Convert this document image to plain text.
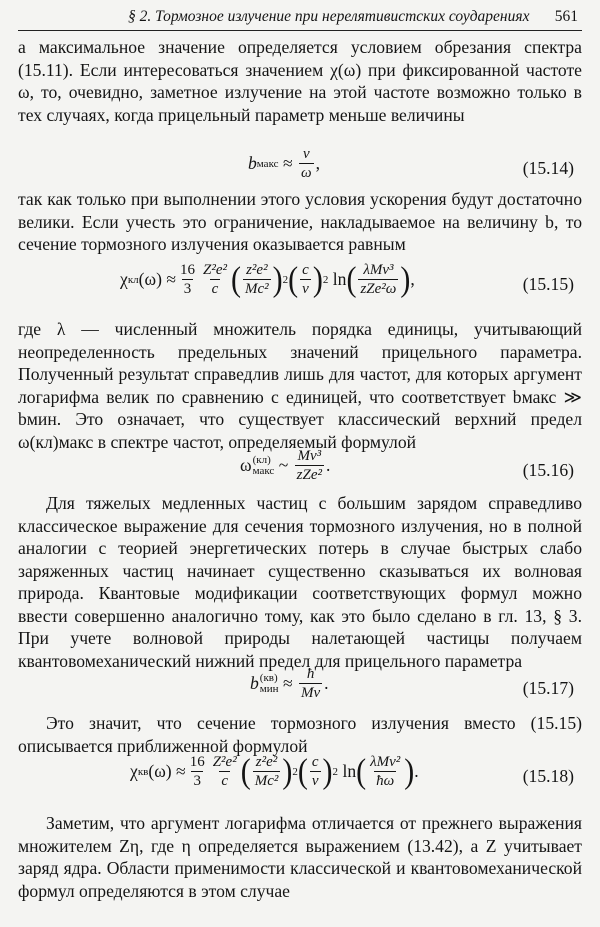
§ 2. Тормозное излучение при нерелятивистских соударениях 561
а максимальное значение определяется условием обрезания спектра (15.11). Если интересоваться значением χ(ω) при фиксированной частоте ω, то, очевидно, заметное излучение на этой частоте возможно только в тех случаях, когда прицельный параметр меньше величины
b макс
≈
$\frac{v}{\omega}$ ,	(15.14)
так как только при выполнении этого условия ускорения будут достаточно велики. Если учесть это ограничение, накладываемое на величину b, то сечение тормозного излучения оказывается равным
χ кл $(\omega) \approx \frac{16}{3} \frac{\text{Z²e²}}{c}$ ( $\frac{\text{z²e²}}{\text{Mc²}}$ ) 2 ( $\frac{c}{v}$ ) 2
ln ( $\frac{\text{λMv³}}{\text{zZe²ω}}$ ) ,	(15.15)
где λ — численный множитель порядка единицы, учитывающий неопределенность предельных значений прицельного параметра. Полученный результат справедлив лишь для частот, для которых аргумент логарифма велик по сравнению с единицей, что соответствует bмакс ≫ bмин. Это означает, что существует классический верхний предел ω(кл)макс в спектре частот, определяемый формулой
ω (кл)
макс
~
$\frac{\text{Mv³}}{\text{zZe²}}$ .	(15.16)
Для тяжелых медленных частиц с большим зарядом справедливо классическое выражение для сечения тормозного излучения, но в полной аналогии с теорией энергетических потерь в случае быстрых слабо заряженных частиц начинает существенно сказываться их волновая природа. Квантовые модификации соответствующих формул можно ввести совершенно аналогично тому, как это было сделано в гл. 13, § 3. При учете волновой природы налетающей частицы получаем квантовомеханический нижний предел для прицельного параметра
b (кв)
мин
≈
$\frac{ħ}{Mv}$ .	(15.17)
Это значит, что сечение тормозного излучения вместо (15.15) описывается приближенной формулой
χ кв $(\omega) \approx \frac{16}{3} \frac{\text{Z²e²}}{c}$ ( $\frac{\text{z²e²}}{\text{Mc²}}$ ) 2 ( $\frac{c}{v}$ ) 2
ln ( $\frac{\text{λMv²}}{ħ\omega}$ ) .	(15.18)
Заметим, что аргумент логарифма отличается от прежнего выражения множителем Zη, где η определяется выражением (13.42), а Z учитывает заряд ядра. Области применимости классической и квантовомеханической формул определяются в этом случае
